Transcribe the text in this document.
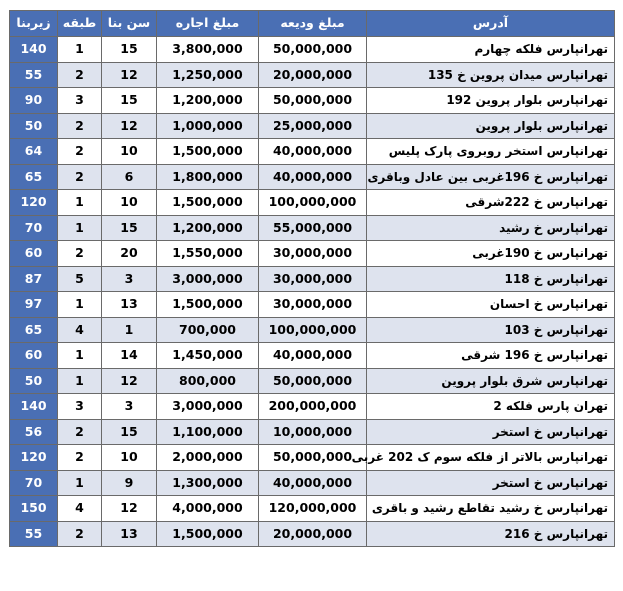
آدرس	مبلغ ودیعه	مبلغ اجاره	سن بنا	طبقه	زیربنا
تهرانپارس فلکه چهارم	50,000,000	3,800,000	15	1	140
تهرانپارس میدان پروین خ 135	20,000,000	1,250,000	12	2	55
تهرانپارس بلوار پروین 192	50,000,000	1,200,000	15	3	90
تهرانپارس بلوار پروین	25,000,000	1,000,000	12	2	50
تهرانپارس استخر روبروی پارک پلیس	40,000,000	1,500,000	10	2	64
تهرانپارس خ 196غربی بین عادل وباقری	40,000,000	1,800,000	6	2	65
تهرانپارس خ 222شرقی	100,000,000	1,500,000	10	1	120
تهرانپارس خ رشید	55,000,000	1,200,000	15	1	70
تهرانپارس خ 190غربی	30,000,000	1,550,000	20	2	60
تهرانپارس خ 118	30,000,000	3,000,000	3	5	87
تهرانپارس خ احسان	30,000,000	1,500,000	13	1	97
تهرانپارس خ 103	100,000,000	700,000	1	4	65
تهرانپارس خ 196 شرقی	40,000,000	1,450,000	14	1	60
تهرانپارس شرق بلوار پروین	50,000,000	800,000	12	1	50
تهران پارس فلکه 2	200,000,000	3,000,000	3	3	140
تهرانپارس خ استخر	10,000,000	1,100,000	15	2	56
تهرانپارس بالاتر از فلکه سوم ک 202 غربی	50,000,000	2,000,000	10	2	120
تهرانپارس خ استخر	40,000,000	1,300,000	9	1	70
تهرانپارس خ رشید تقاطع رشید و باقری	120,000,000	4,000,000	12	4	150
تهرانپارس خ 216	20,000,000	1,500,000	13	2	55
